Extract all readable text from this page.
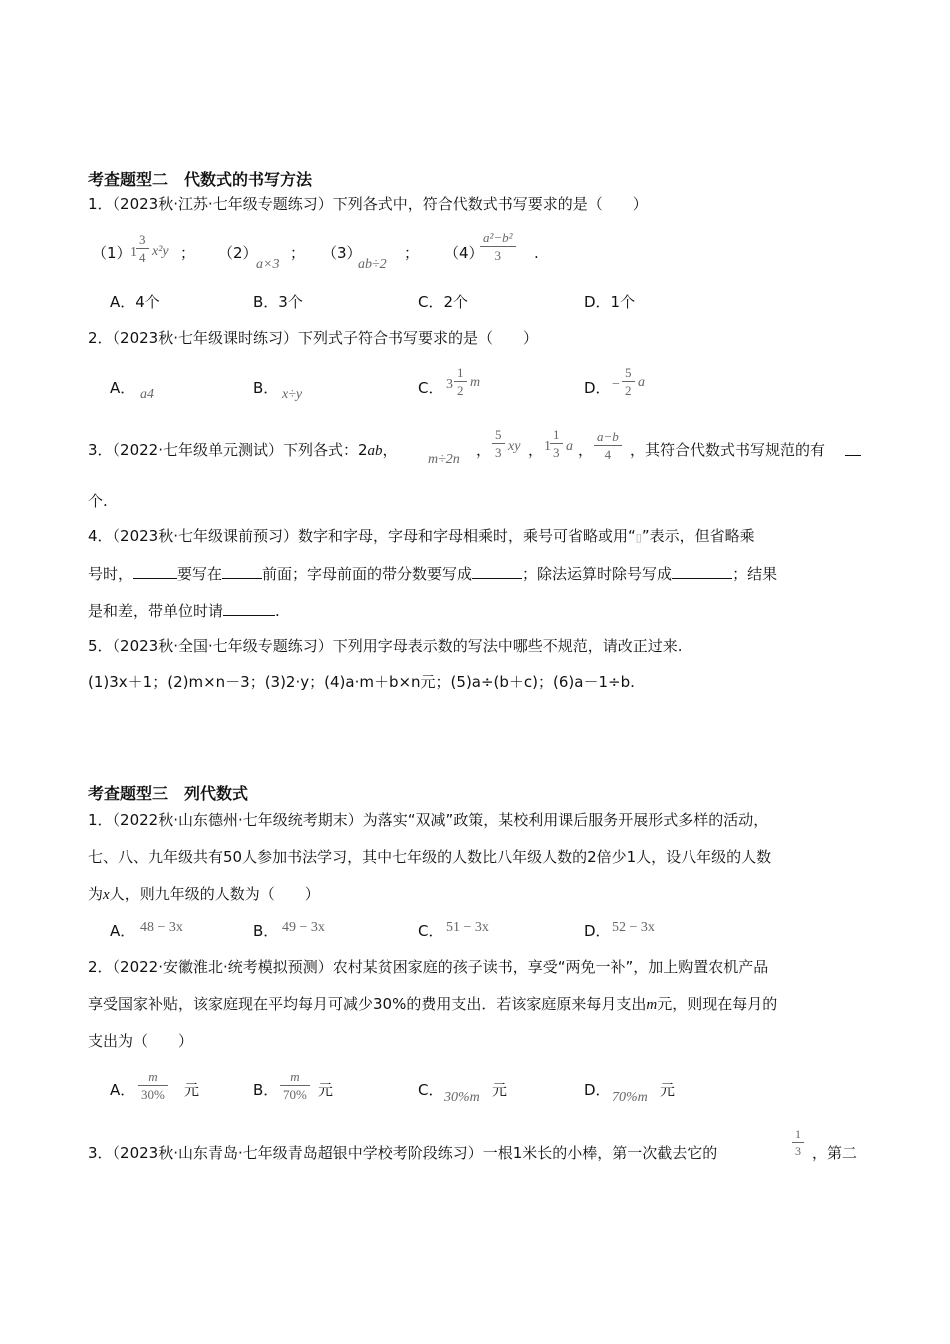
考查题型二　代数式的书写方法
1．（2023秋·江苏·七年级专题练习）下列各式中，符合代数式书写要求的是（　　）
（1）
$1 \frac{3}{4} x^2y$ ； （2）
a×3
； （3）
ab÷2
； （4）
$\frac{\text{a²−b²}}{3}$ .
A．4个	B．3个	C．2个	D．1个
2．（2023秋·七年级课时练习）下列式子符合书写要求的是（　　）
A． a4	B． x÷y	C． $3 \frac{1}{2}$ m	D． − $\frac{5}{2}$ a
3．（2022·七年级单元测试）下列各式：2ab，
m÷2n
， $\frac{5}{3}$ xy ， $1 \frac{1}{3}$ a ， $\frac{a-b}{4}$ ，其符合代数式书写规范的有
个.
4．（2023秋·七年级课前预习）数字和字母，字母和字母相乘时，乘号可省略或用“▯”表示，但省略乘
号时，	要写在	前面；字母前面的带分数要写成	；除法运算时除号写成	；结果
是和差，带单位时请	.
5．（2023秋·全国·七年级专题练习）下列用字母表示数的写法中哪些不规范，请改正过来.
(1)3x＋1；(2)m×n－3；(3)2·y；(4)a·m＋b×n元；(5)a÷(b＋c)；(6)a－1÷b.
考查题型三　列代数式
1．（2022秋·山东德州·七年级统考期末）为落实“双减”政策，某校利用课后服务开展形式多样的活动，
七、八、九年级共有50人参加书法学习，其中七年级的人数比八年级人数的2倍少1人，设八年级的人数
为x人，则九年级的人数为（　　）
A． 48 − 3x	B． 49 − 3x	C． 51 − 3x	D． 52 − 3x
2．（2022·安徽淮北·统考模拟预测）农村某贫困家庭的孩子读书，享受“两免一补”，加上购置农机产品
享受国家补贴，该家庭现在平均每月可减少30%的费用支出．若该家庭原来每月支出m元，则现在每月的
支出为（　　）
A． $\frac{m}{30\%}$ 元	B． $\frac{m}{70\%}$ 元	C． 30%m 元	D． 70%m 元
3．（2023秋·山东青岛·七年级青岛超银中学校考阶段练习）一根1米长的小棒，第一次截去它的	$\frac{1}{3}$ ，第二
